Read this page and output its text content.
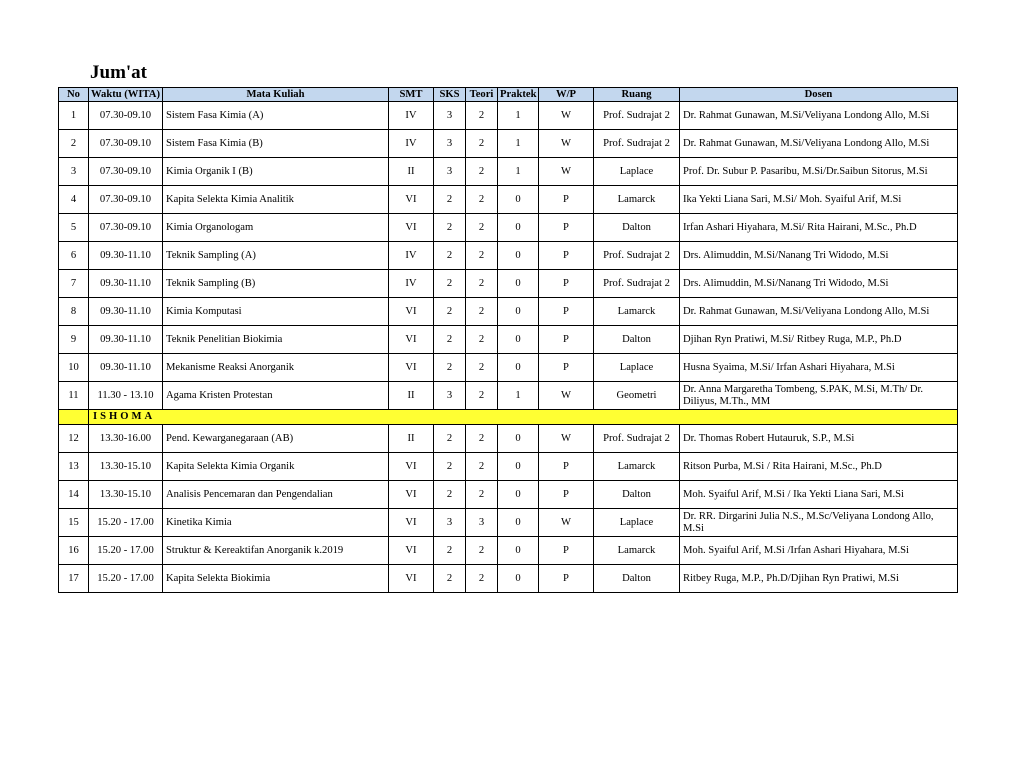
Jum'at
No	Waktu (WITA)	Mata Kuliah	SMT	SKS	Teori	Praktek	W/P	Ruang	Dosen
1	07.30-09.10	Sistem Fasa Kimia (A)	IV	3	2	1	W	Prof. Sudrajat 2	Dr. Rahmat Gunawan, M.Si/Veliyana Londong Allo, M.Si
2	07.30-09.10	Sistem Fasa Kimia (B)	IV	3	2	1	W	Prof. Sudrajat 2	Dr. Rahmat Gunawan, M.Si/Veliyana Londong Allo, M.Si
3	07.30-09.10	Kimia Organik I (B)	II	3	2	1	W	Laplace	Prof. Dr. Subur P. Pasaribu, M.Si/Dr.Saibun Sitorus, M.Si
4	07.30-09.10	Kapita Selekta Kimia Analitik	VI	2	2	0	P	Lamarck	Ika Yekti Liana Sari, M.Si/ Moh. Syaiful Arif, M.Si
5	07.30-09.10	Kimia Organologam	VI	2	2	0	P	Dalton	Irfan Ashari Hiyahara, M.Si/ Rita Hairani, M.Sc., Ph.D
6	09.30-11.10	Teknik Sampling (A)	IV	2	2	0	P	Prof. Sudrajat 2	Drs. Alimuddin, M.Si/Nanang Tri Widodo, M.Si
7	09.30-11.10	Teknik Sampling (B)	IV	2	2	0	P	Prof. Sudrajat 2	Drs. Alimuddin, M.Si/Nanang Tri Widodo, M.Si
8	09.30-11.10	Kimia Komputasi	VI	2	2	0	P	Lamarck	Dr. Rahmat Gunawan, M.Si/Veliyana Londong Allo, M.Si
9	09.30-11.10	Teknik Penelitian Biokimia	VI	2	2	0	P	Dalton	Djihan Ryn Pratiwi, M.Si/ Ritbey Ruga, M.P., Ph.D
10	09.30-11.10	Mekanisme Reaksi Anorganik	VI	2	2	0	P	Laplace	Husna Syaima, M.Si/ Irfan Ashari Hiyahara, M.Si
11	11.30 - 13.10	Agama Kristen Protestan	II	3	2	1	W	Geometri	Dr. Anna Margaretha Tombeng, S.PAK, M.Si, M.Th/ Dr. Diliyus, M.Th., MM
	ISHOMA								
12	13.30-16.00	Pend. Kewarganegaraan (AB)	II	2	2	0	W	Prof. Sudrajat 2	Dr. Thomas Robert Hutauruk, S.P., M.Si
13	13.30-15.10	Kapita Selekta Kimia Organik	VI	2	2	0	P	Lamarck	Ritson Purba, M.Si / Rita Hairani, M.Sc., Ph.D
14	13.30-15.10	Analisis Pencemaran dan Pengendalian	VI	2	2	0	P	Dalton	Moh. Syaiful Arif, M.Si / Ika Yekti Liana Sari, M.Si
15	15.20 - 17.00	Kinetika Kimia	VI	3	3	0	W	Laplace	Dr. RR. Dirgarini Julia N.S., M.Sc/Veliyana Londong Allo, M.Si
16	15.20 - 17.00	Struktur & Kereaktifan Anorganik k.2019	VI	2	2	0	P	Lamarck	Moh. Syaiful Arif, M.Si /Irfan Ashari Hiyahara, M.Si
17	15.20 - 17.00	Kapita Selekta Biokimia	VI	2	2	0	P	Dalton	Ritbey Ruga, M.P., Ph.D/Djihan Ryn Pratiwi, M.Si
